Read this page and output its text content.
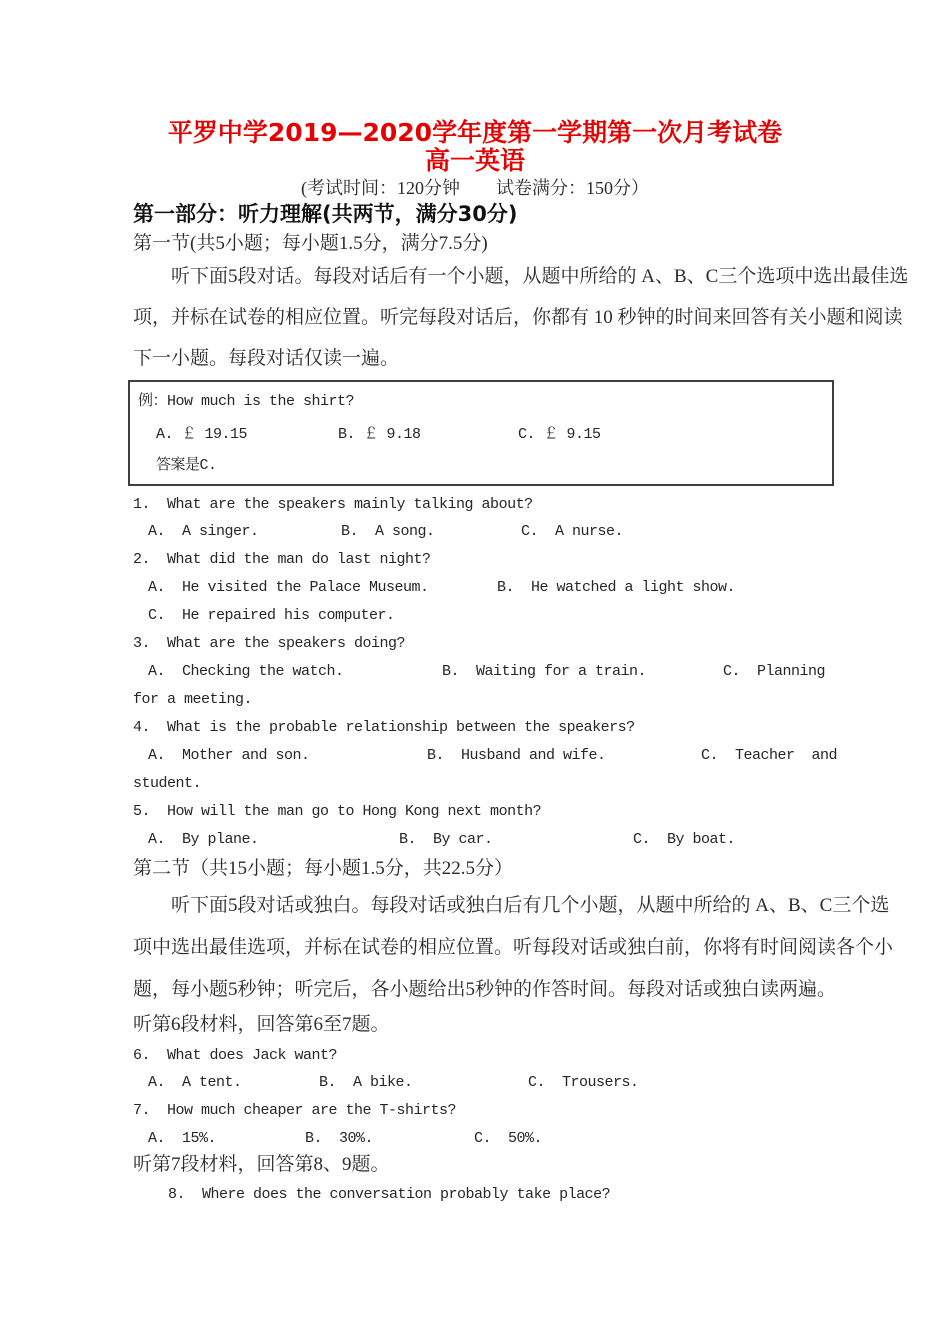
平罗中学2019—2020学年度第一学期第一次月考试卷
高一英语
(考试时间：120分钟　　试卷满分：150分）
第一部分：听力理解(共两节，满分30分)
第一节(共5小题；每小题1.5分，满分7.5分)
听下面5段对话。每段对话后有一个小题，从题中所给的 A、B、C三个选项中选出最佳选
项，并标在试卷的相应位置。听完每段对话后，你都有 10 秒钟的时间来回答有关小题和阅读
下一小题。每段对话仅读一遍。
例：How much is the shirt?

A. ￡ 19.15

	B. ￡ 9.18

	C. ￡ 9.15

答案是C.
1.  What are the speakers mainly talking about?

A.  A singer.

	B.  A song.

	C.  A nurse.

2.  What did the man do last night?

A.  He visited the Palace Museum.

	B.  He watched a light show.

C.  He repaired his computer.

3.  What are the speakers doing?

A.  Checking the watch.

	B.  Waiting for a train.

	C.  Planning

for a meeting.
4.  What is the probable relationship between the speakers?

A.  Mother and son.

	B.  Husband and wife.

	C.  Teacher  and

student.
5.  How will the man go to Hong Kong next month?

A.  By plane.

	B.  By car.

	C.  By boat.

第二节（共15小题；每小题1.5分，共22.5分）
听下面5段对话或独白。每段对话或独白后有几个小题，从题中所给的 A、B、C三个选
项中选出最佳选项，并标在试卷的相应位置。听每段对话或独白前，你将有时间阅读各个小
题，每小题5秒钟；听完后，各小题给出5秒钟的作答时间。每段对话或独白读两遍。
听第6段材料，回答第6至7题。
6.  What does Jack want?

A.  A tent.

	B.  A bike.

	C.  Trousers.

7.  How much cheaper are the T-shirts?

A.  15%.

	B.  30%.

	C.  50%.

听第7段材料，回答第8、9题。
8.  Where does the conversation probably take place?
